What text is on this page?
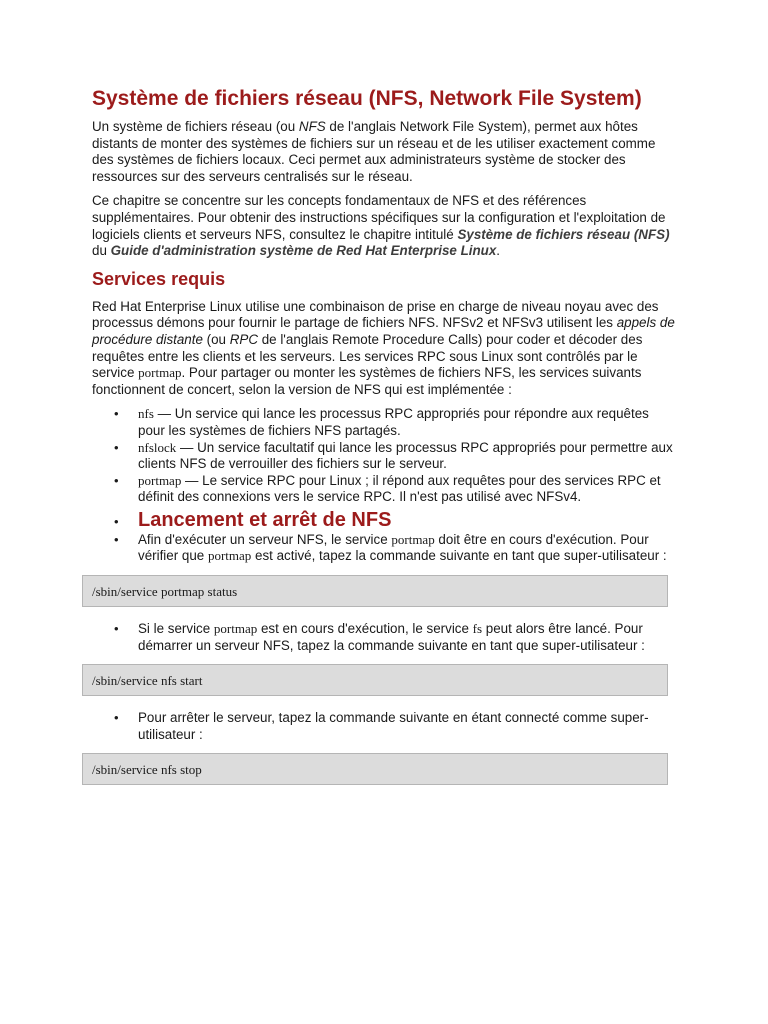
Système de fichiers réseau (NFS, Network File System)

Un système de fichiers réseau (ou NFS de l'anglais Network File System), permet aux hôtes distants de monter des systèmes de fichiers sur un réseau et de les utiliser exactement comme des systèmes de fichiers locaux. Ceci permet aux administrateurs système de stocker des ressources sur des serveurs centralisés sur le réseau.

Ce chapitre se concentre sur les concepts fondamentaux de NFS et des références supplémentaires. Pour obtenir des instructions spécifiques sur la configuration et l'exploitation de logiciels clients et serveurs NFS, consultez le chapitre intitulé Système de fichiers réseau (NFS) du Guide d'administration système de Red Hat Enterprise Linux.

Services requis

Red Hat Enterprise Linux utilise une combinaison de prise en charge de niveau noyau avec des processus démons pour fournir le partage de fichiers NFS. NFSv2 et NFSv3 utilisent les appels de procédure distante (ou RPC de l'anglais Remote Procedure Calls) pour coder et décoder des requêtes entre les clients et les serveurs. Les services RPC sous Linux sont contrôlés par le service portmap. Pour partager ou monter les systèmes de fichiers NFS, les services suivants fonctionnent de concert, selon la version de NFS qui est implémentée :

• nfs — Un service qui lance les processus RPC appropriés pour répondre aux requêtes pour les systèmes de fichiers NFS partagés.
• nfslock — Un service facultatif qui lance les processus RPC appropriés pour permettre aux clients NFS de verrouiller des fichiers sur le serveur.
• portmap — Le service RPC pour Linux ; il répond aux requêtes pour des services RPC et définit des connexions vers le service RPC. Il n'est pas utilisé avec NFSv4.
• Lancement et arrêt de NFS
• Afin d'exécuter un serveur NFS, le service portmap doit être en cours d'exécution. Pour vérifier que portmap est activé, tapez la commande suivante en tant que super-utilisateur :
/sbin/service portmap status
• Si le service portmap est en cours d'exécution, le service fs peut alors être lancé. Pour démarrer un serveur NFS, tapez la commande suivante en tant que super-utilisateur :
/sbin/service nfs start
• Pour arrêter le serveur, tapez la commande suivante en étant connecté comme super-utilisateur :
/sbin/service nfs stop
